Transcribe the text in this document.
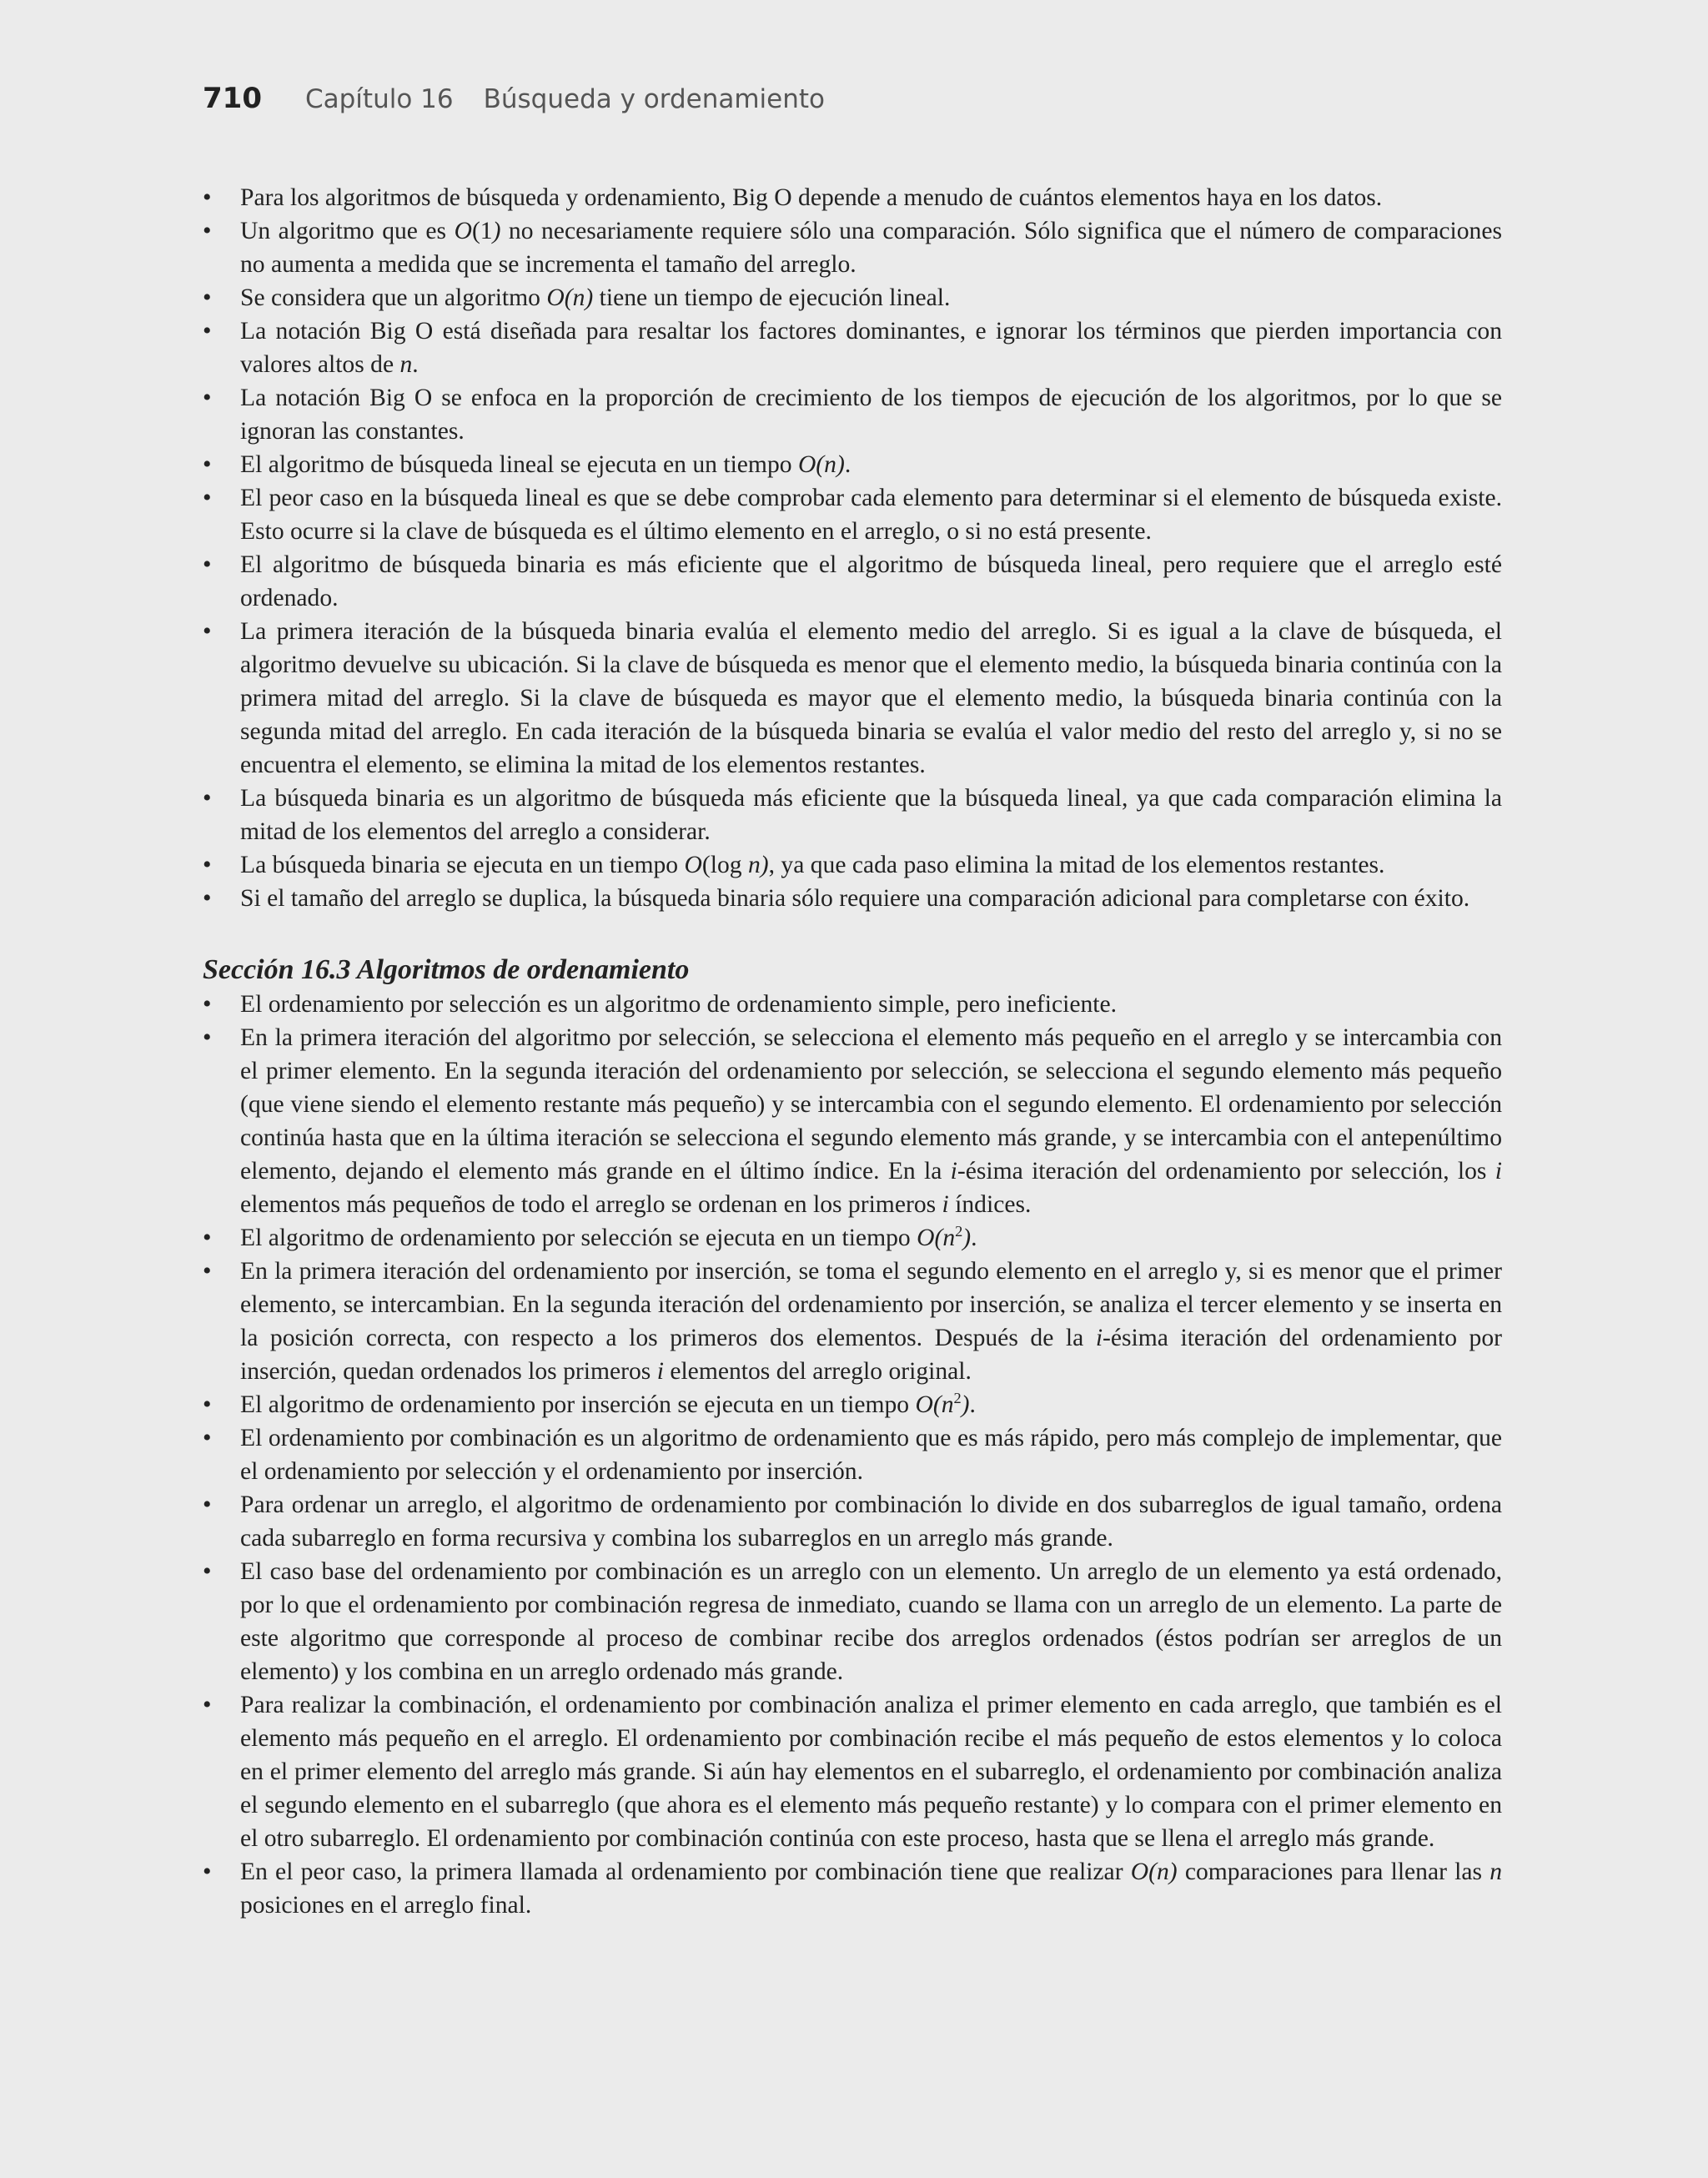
710 Capítulo 16 Búsqueda y ordenamiento
• Para los algoritmos de búsqueda y ordenamiento, Big O depende a menudo de cuántos elementos haya en los datos.
• Un algoritmo que es O(1) no necesariamente requiere sólo una comparación. Sólo significa que el número de comparaciones no aumenta a medida que se incrementa el tamaño del arreglo.
• Se considera que un algoritmo O(n) tiene un tiempo de ejecución lineal.
• La notación Big O está diseñada para resaltar los factores dominantes, e ignorar los términos que pierden importancia con valores altos de n.
• La notación Big O se enfoca en la proporción de crecimiento de los tiempos de ejecución de los algoritmos, por lo que se ignoran las constantes.
• El algoritmo de búsqueda lineal se ejecuta en un tiempo O(n).
• El peor caso en la búsqueda lineal es que se debe comprobar cada elemento para determinar si el elemento de búsqueda existe. Esto ocurre si la clave de búsqueda es el último elemento en el arreglo, o si no está presente.
• El algoritmo de búsqueda binaria es más eficiente que el algoritmo de búsqueda lineal, pero requiere que el arreglo esté ordenado.
• La primera iteración de la búsqueda binaria evalúa el elemento medio del arreglo. Si es igual a la clave de búsqueda, el algoritmo devuelve su ubicación. Si la clave de búsqueda es menor que el elemento medio, la búsqueda binaria continúa con la primera mitad del arreglo. Si la clave de búsqueda es mayor que el elemento medio, la búsqueda binaria continúa con la segunda mitad del arreglo. En cada iteración de la búsqueda binaria se evalúa el valor medio del resto del arreglo y, si no se encuentra el elemento, se elimina la mitad de los elementos restantes.
• La búsqueda binaria es un algoritmo de búsqueda más eficiente que la búsqueda lineal, ya que cada comparación elimina la mitad de los elementos del arreglo a considerar.
• La búsqueda binaria se ejecuta en un tiempo O(log n), ya que cada paso elimina la mitad de los elementos restantes.
• Si el tamaño del arreglo se duplica, la búsqueda binaria sólo requiere una comparación adicional para completarse con éxito.
Sección 16.3 Algoritmos de ordenamiento
• El ordenamiento por selección es un algoritmo de ordenamiento simple, pero ineficiente.
• En la primera iteración del algoritmo por selección, se selecciona el elemento más pequeño en el arreglo y se intercambia con el primer elemento. En la segunda iteración del ordenamiento por selección, se selecciona el segundo elemento más pequeño (que viene siendo el elemento restante más pequeño) y se intercambia con el segundo elemento. El ordenamiento por selección continúa hasta que en la última iteración se selecciona el segundo elemento más grande, y se intercambia con el antepenúltimo elemento, dejando el elemento más grande en el último índice. En la i-ésima iteración del ordenamiento por selección, los i elementos más pequeños de todo el arreglo se ordenan en los primeros i índices.
• El algoritmo de ordenamiento por selección se ejecuta en un tiempo $O(n^2)$.
• En la primera iteración del ordenamiento por inserción, se toma el segundo elemento en el arreglo y, si es menor que el primer elemento, se intercambian. En la segunda iteración del ordenamiento por inserción, se analiza el tercer elemento y se inserta en la posición correcta, con respecto a los primeros dos elementos. Después de la i-ésima iteración del ordenamiento por inserción, quedan ordenados los primeros i elementos del arreglo original.
• El algoritmo de ordenamiento por inserción se ejecuta en un tiempo $O(n^2)$.
• El ordenamiento por combinación es un algoritmo de ordenamiento que es más rápido, pero más complejo de implementar, que el ordenamiento por selección y el ordenamiento por inserción.
• Para ordenar un arreglo, el algoritmo de ordenamiento por combinación lo divide en dos subarreglos de igual tamaño, ordena cada subarreglo en forma recursiva y combina los subarreglos en un arreglo más grande.
• El caso base del ordenamiento por combinación es un arreglo con un elemento. Un arreglo de un elemento ya está ordenado, por lo que el ordenamiento por combinación regresa de inmediato, cuando se llama con un arreglo de un elemento. La parte de este algoritmo que corresponde al proceso de combinar recibe dos arreglos ordenados (éstos podrían ser arreglos de un elemento) y los combina en un arreglo ordenado más grande.
• Para realizar la combinación, el ordenamiento por combinación analiza el primer elemento en cada arreglo, que también es el elemento más pequeño en el arreglo. El ordenamiento por combinación recibe el más pequeño de estos elementos y lo coloca en el primer elemento del arreglo más grande. Si aún hay elementos en el subarreglo, el ordenamiento por combinación analiza el segundo elemento en el subarreglo (que ahora es el elemento más pequeño restante) y lo compara con el primer elemento en el otro subarreglo. El ordenamiento por combinación continúa con este proceso, hasta que se llena el arreglo más grande.
• En el peor caso, la primera llamada al ordenamiento por combinación tiene que realizar O(n) comparaciones para llenar las n posiciones en el arreglo final.
